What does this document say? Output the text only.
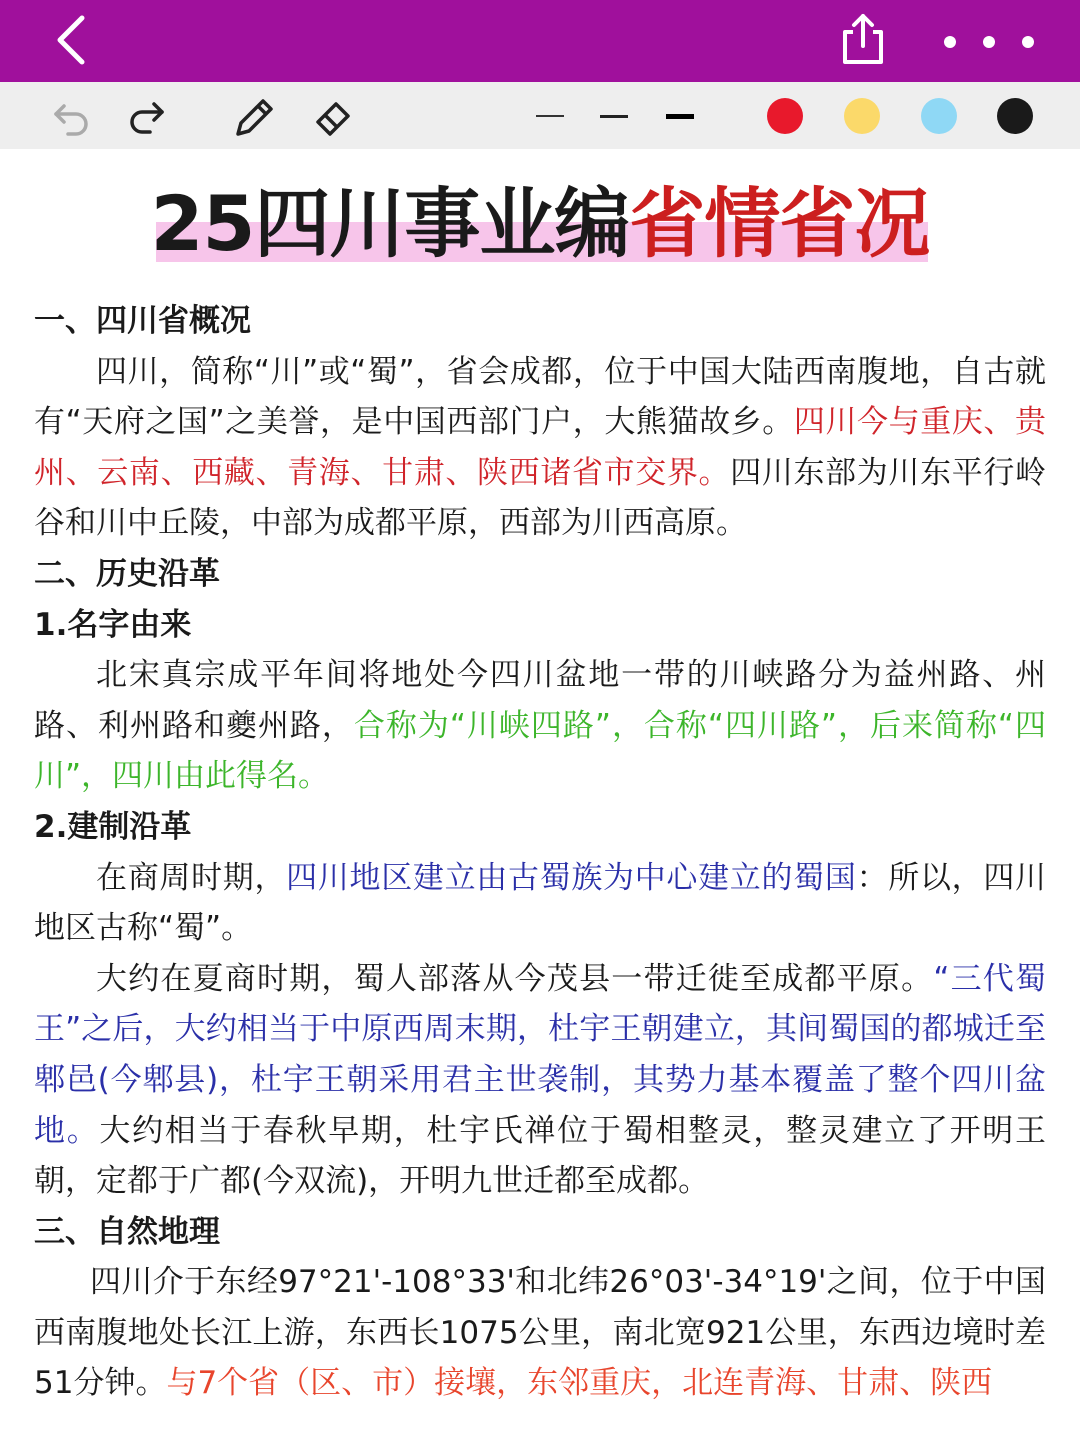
25四川事业编省情省况

一、四川省概况

四川，简称“川”或“蜀”，省会成都，位于中国大陆西南腹地，自古就有“天府之国”之美誉，是中国西部门户，大熊猫故乡。四川今与重庆、贵州、云南、西藏、青海、甘肃、陕西诸省市交界。四川东部为川东平行岭谷和川中丘陵，中部为成都平原，西部为川西高原。

二、历史沿革

1.名字由来

北宋真宗成平年间将地处今四川盆地一带的川峡路分为益州路、州路、利州路和夔州路，合称为“川峡四路”，合称“四川路”，后来简称“四川”，四川由此得名。

2.建制沿革

在商周时期，四川地区建立由古蜀族为中心建立的蜀国：所以，四川地区古称“蜀”。

大约在夏商时期，蜀人部落从今茂县一带迁徙至成都平原。“三代蜀王”之后，大约相当于中原西周末期，杜宇王朝建立，其间蜀国的都城迁至郫邑(今郫县)，杜宇王朝采用君主世袭制，其势力基本覆盖了整个四川盆地。大约相当于春秋早期，杜宇氏禅位于蜀相整灵，整灵建立了开明王朝，定都于广都(今双流)，开明九世迁都至成都。

三、自然地理

四川介于东经97°21'-108°33'和北纬26°03'-34°19'之间，位于中国西南腹地处长江上游，东西长1075公里，南北宽921公里，东西边境时差51分钟。与7个省（区、市）接壤，东邻重庆，北连青海、甘肃、陕西
